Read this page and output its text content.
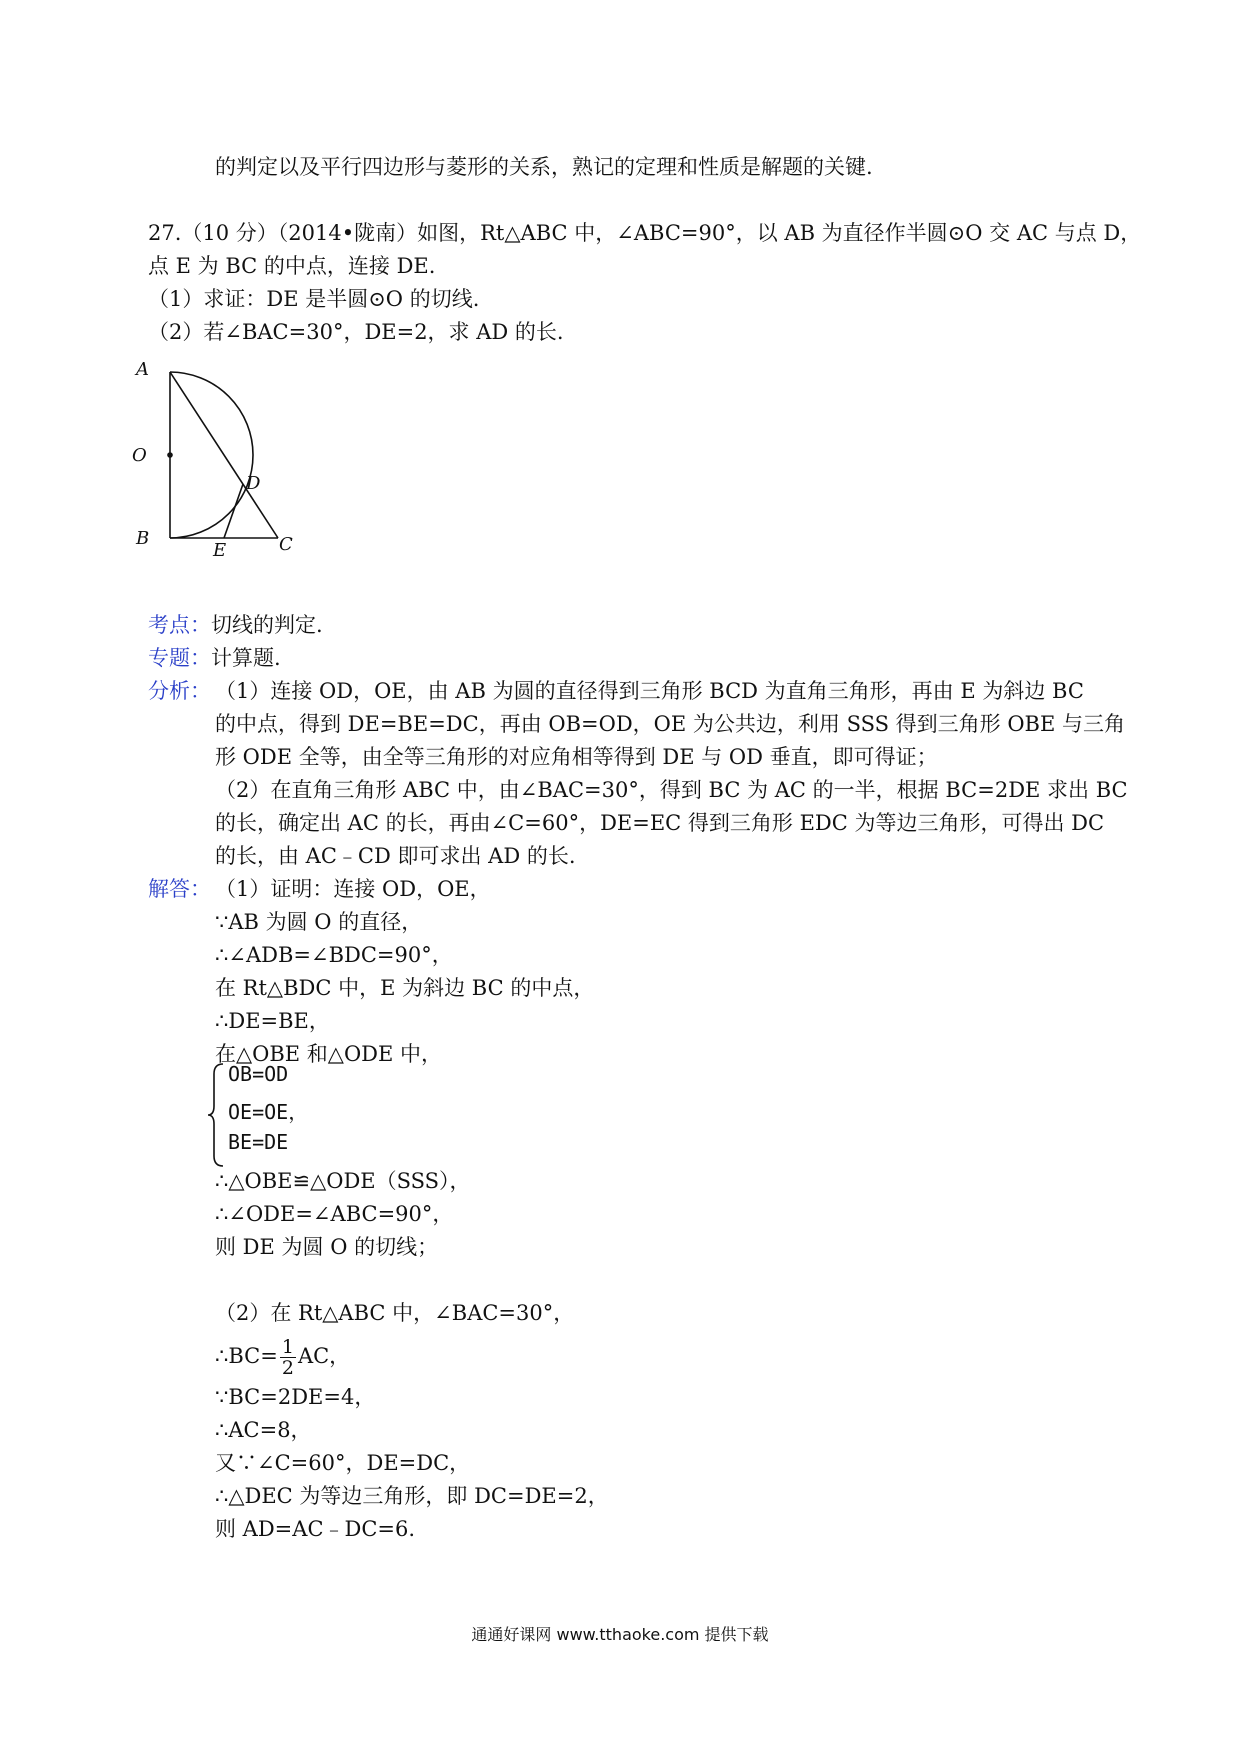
的判定以及平行四边形与菱形的关系，熟记的定理和性质是解题的关键.
27.（10 分）（2014•陇南）如图，Rt△ABC 中，∠ABC=90°，以 AB 为直径作半圆⊙O 交 AC 与点 D，
点 E 为 BC 的中点，连接 DE.
（1）求证：DE 是半圆⊙O 的切线.
（2）若∠BAC=30°，DE=2，求 AD 的长.
A
O
D
B
E	C
考点：切线的判定.
专题：计算题.
分析： （1）连接 OD，OE，由 AB 为圆的直径得到三角形 BCD 为直角三角形，再由 E 为斜边 BC
的中点，得到 DE=BE=DC，再由 OB=OD，OE 为公共边，利用 SSS 得到三角形 OBE 与三角
形 ODE 全等，由全等三角形的对应角相等得到 DE 与 OD 垂直，即可得证；
（2）在直角三角形 ABC 中，由∠BAC=30°，得到 BC 为 AC 的一半，根据 BC=2DE 求出 BC
的长，确定出 AC 的长，再由∠C=60°，DE=EC 得到三角形 EDC 为等边三角形，可得出 DC
的长，由 AC﹣CD 即可求出 AD 的长.
解答： （1）证明：连接 OD，OE，
∵AB 为圆 O 的直径，
∴∠ADB=∠BDC=90°，
在 Rt△BDC 中，E 为斜边 BC 的中点，
∴DE=BE，
在△OBE 和△ODE 中，
OB=OD
OE=OE，
BE=DE
∴△OBE≌△ODE（SSS），
∴∠ODE=∠ABC=90°，
则 DE 为圆 O 的切线；
（2）在 Rt△ABC 中，∠BAC=30°，
∴BC= $\frac{1}{2}$ AC，
∵BC=2DE=4，
∴AC=8，
又∵∠C=60°，DE=DC，
∴△DEC 为等边三角形，即 DC=DE=2，
则 AD=AC﹣DC=6.
通通好课网 www.tthaoke.com 提供下载
